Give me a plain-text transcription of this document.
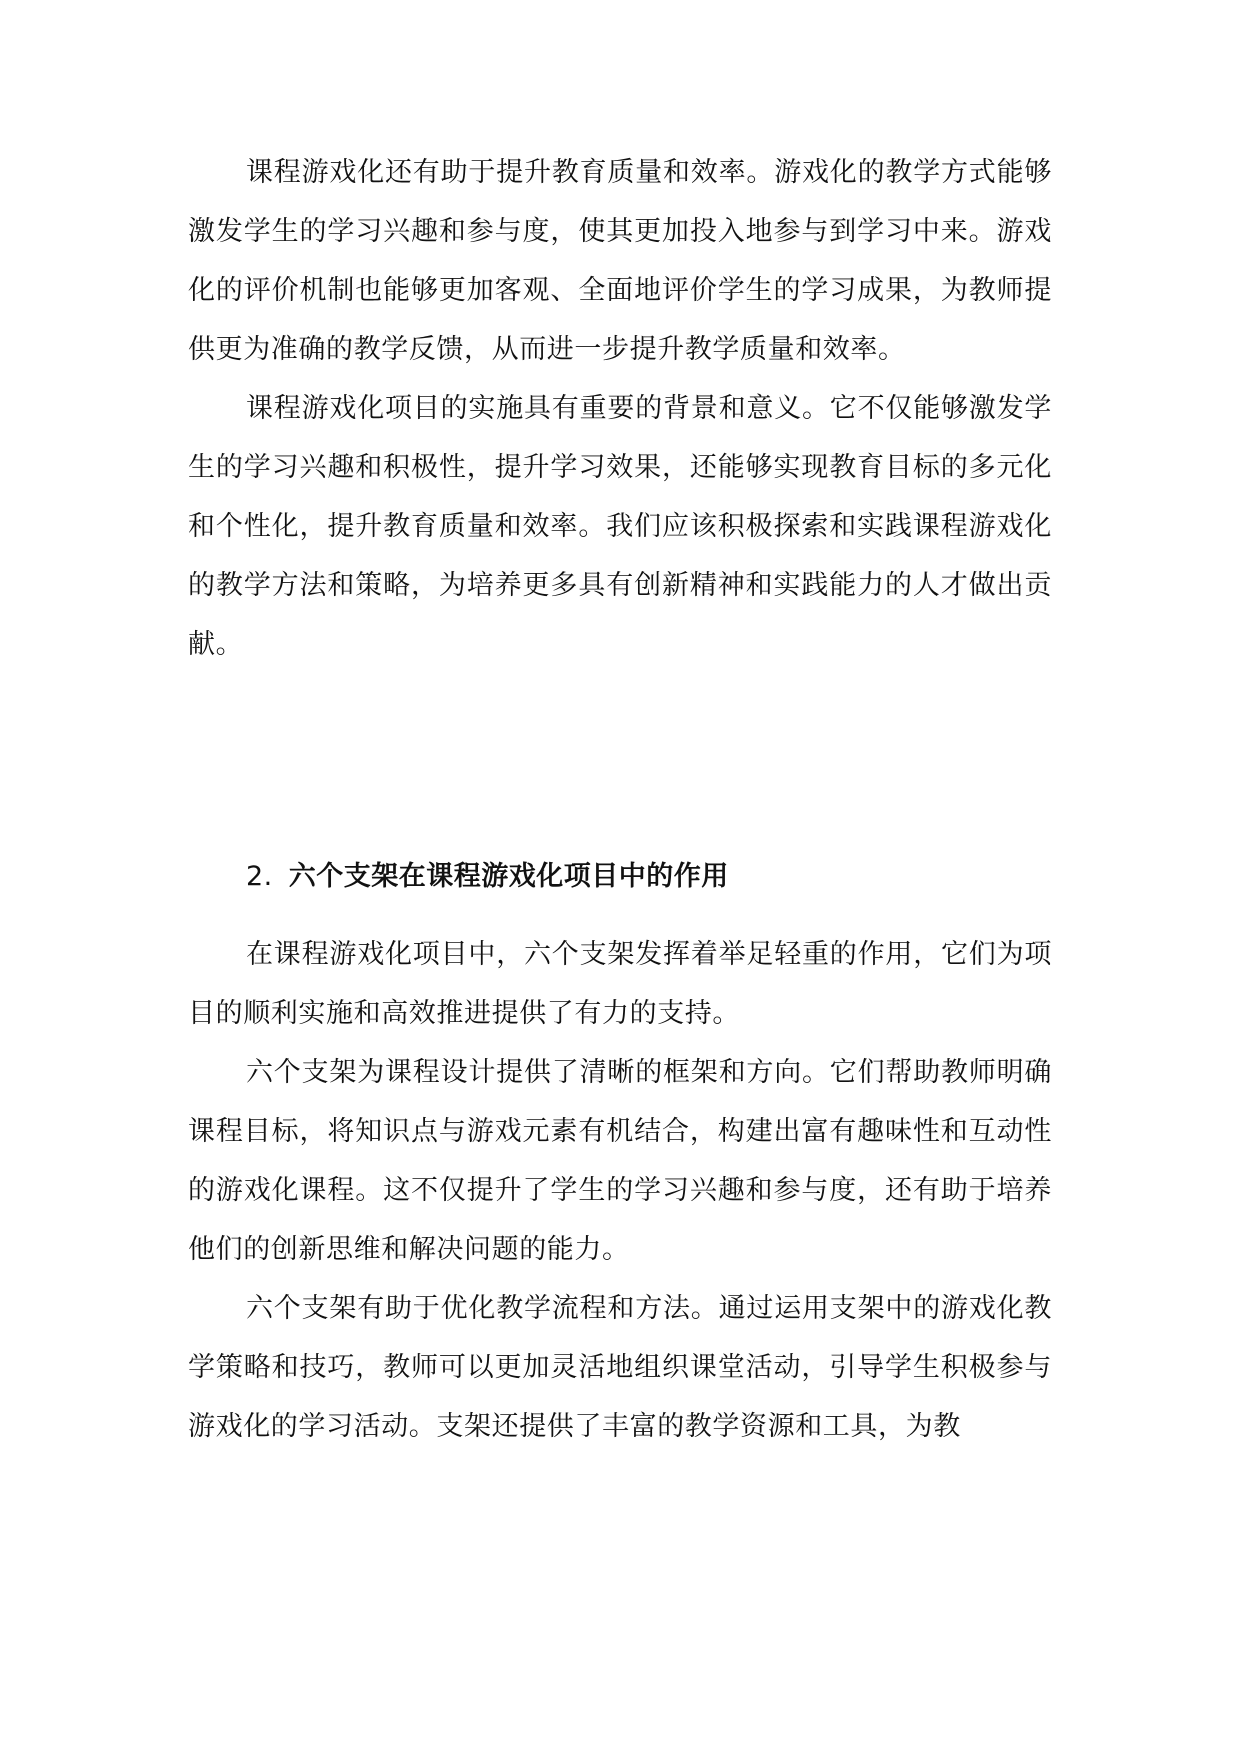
课程游戏化还有助于提升教育质量和效率。游戏化的教学方式能够激发学生的学习兴趣和参与度，使其更加投入地参与到学习中来。游戏化的评价机制也能够更加客观、全面地评价学生的学习成果，为教师提供更为准确的教学反馈，从而进一步提升教学质量和效率。

课程游戏化项目的实施具有重要的背景和意义。它不仅能够激发学生的学习兴趣和积极性，提升学习效果，还能够实现教育目标的多元化和个性化，提升教育质量和效率。我们应该积极探索和实践课程游戏化的教学方法和策略，为培养更多具有创新精神和实践能力的人才做出贡献。

2. 六个支架在课程游戏化项目中的作用

在课程游戏化项目中，六个支架发挥着举足轻重的作用，它们为项目的顺利实施和高效推进提供了有力的支持。

六个支架为课程设计提供了清晰的框架和方向。它们帮助教师明确课程目标，将知识点与游戏元素有机结合，构建出富有趣味性和互动性的游戏化课程。这不仅提升了学生的学习兴趣和参与度，还有助于培养他们的创新思维和解决问题的能力。

六个支架有助于优化教学流程和方法。通过运用支架中的游戏化教学策略和技巧，教师可以更加灵活地组织课堂活动，引导学生积极参与游戏化的学习活动。支架还提供了丰富的教学资源和工具，为教
